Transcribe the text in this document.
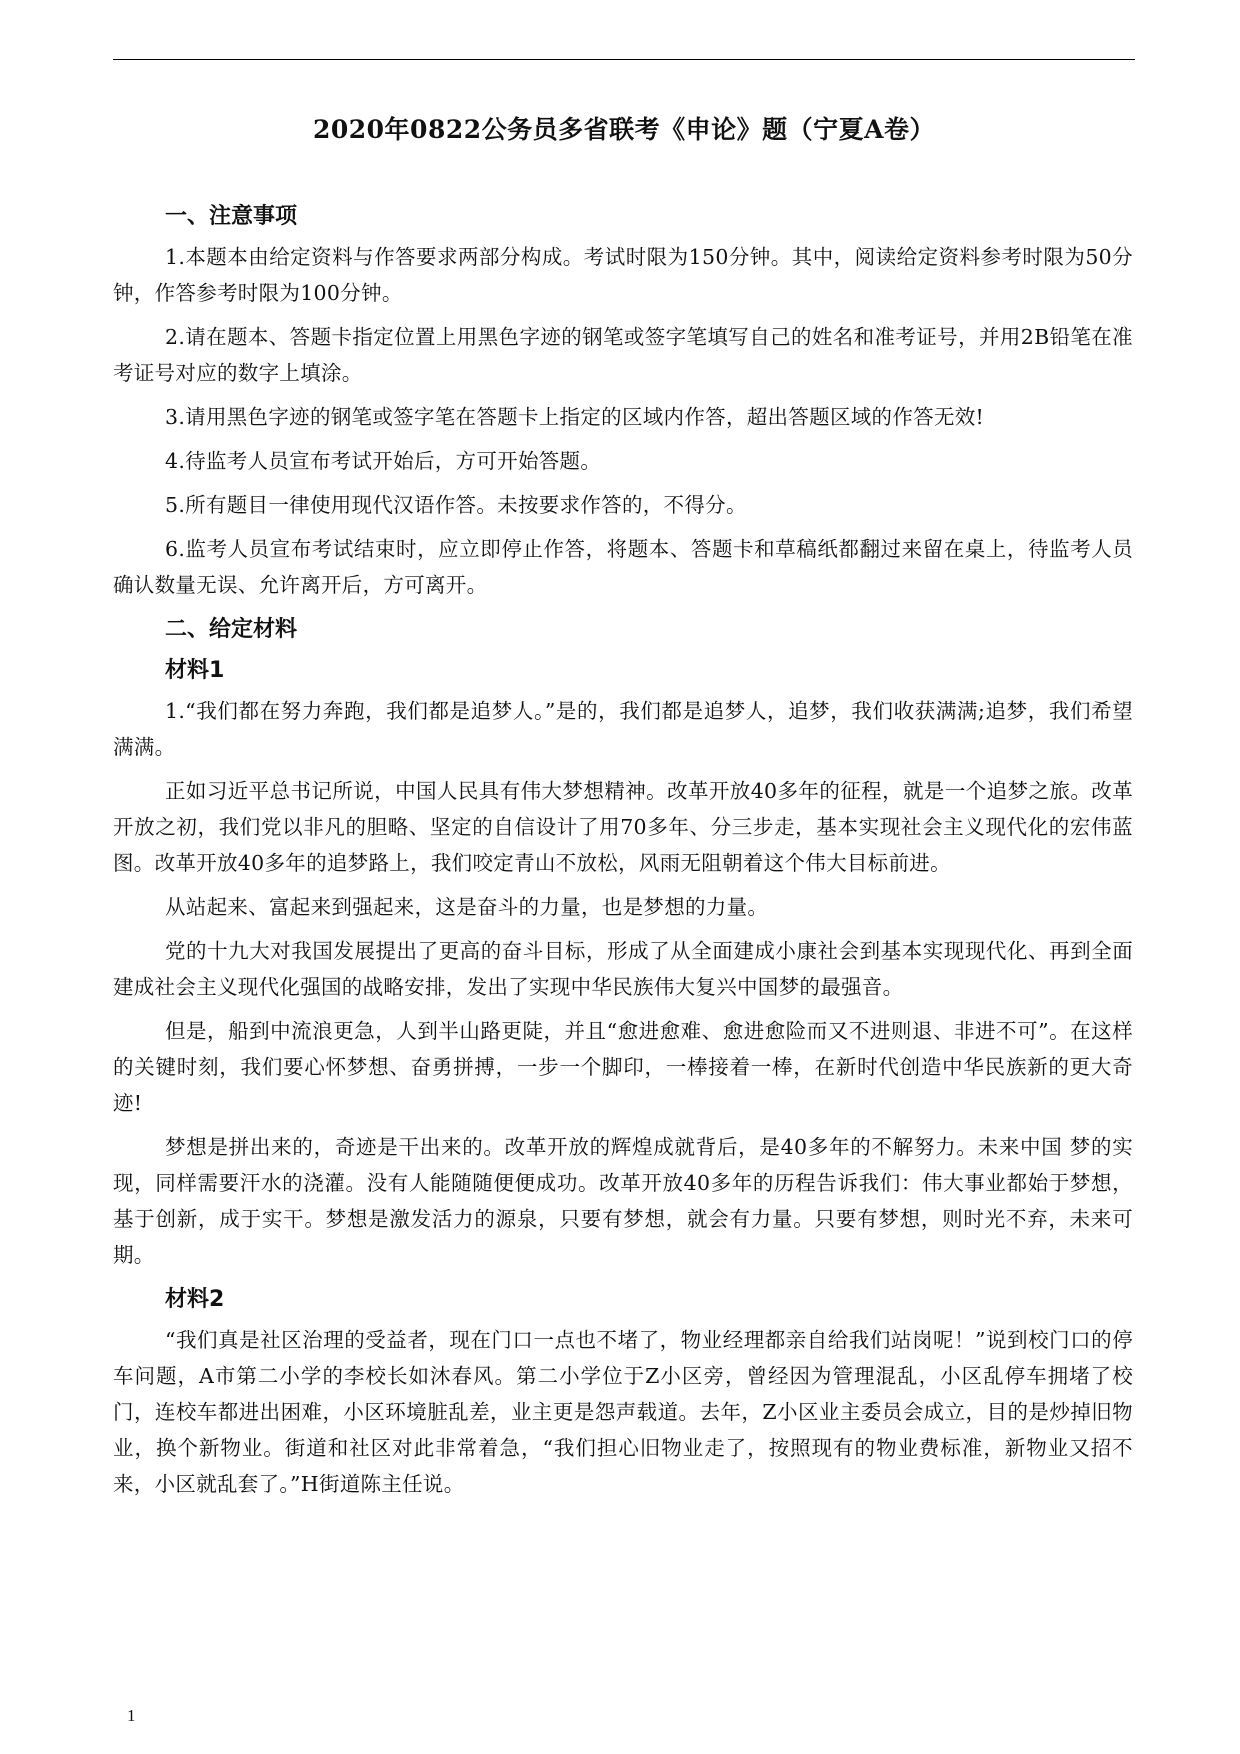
2020年0822公务员多省联考《申论》题（宁夏A卷）
一、注意事项

1.本题本由给定资料与作答要求两部分构成。考试时限为150分钟。其中，阅读给定资料参考时限为50分钟，作答参考时限为100分钟。

2.请在题本、答题卡指定位置上用黑色字迹的钢笔或签字笔填写自己的姓名和准考证号，并用2B铅笔在准考证号对应的数字上填涂。

3.请用黑色字迹的钢笔或签字笔在答题卡上指定的区域内作答，超出答题区域的作答无效!

4.待监考人员宣布考试开始后，方可开始答题。

5.所有题目一律使用现代汉语作答。未按要求作答的，不得分。

6.监考人员宣布考试结束时，应立即停止作答，将题本、答题卡和草稿纸都翻过来留在桌上，待监考人员确认数量无误、允许离开后，方可离开。

二、给定材料
材料1

1.“我们都在努力奔跑，我们都是追梦人。”是的，我们都是追梦人，追梦，我们收获满满;追梦，我们希望满满。

正如习近平总书记所说，中国人民具有伟大梦想精神。改革开放40多年的征程，就是一个追梦之旅。改革开放之初，我们党以非凡的胆略、坚定的自信设计了用70多年、分三步走，基本实现社会主义现代化的宏伟蓝图。改革开放40多年的追梦路上，我们咬定青山不放松，风雨无阻朝着这个伟大目标前进。

从站起来、富起来到强起来，这是奋斗的力量，也是梦想的力量。

党的十九大对我国发展提出了更高的奋斗目标，形成了从全面建成小康社会到基本实现现代化、再到全面建成社会主义现代化强国的战略安排，发出了实现中华民族伟大复兴中国梦的最强音。

但是，船到中流浪更急，人到半山路更陡，并且“愈进愈难、愈进愈险而又不进则退、非进不可”。在这样的关键时刻，我们要心怀梦想、奋勇拼搏，一步一个脚印，一棒接着一棒，在新时代创造中华民族新的更大奇迹!

梦想是拼出来的，奇迹是干出来的。改革开放的辉煌成就背后，是40多年的不解努力。未来中国 梦的实现，同样需要汗水的浇灌。没有人能随随便便成功。改革开放40多年的历程告诉我们：伟大事业都始于梦想，基于创新，成于实干。梦想是激发活力的源泉，只要有梦想，就会有力量。只要有梦想，则时光不弃，未来可期。

材料2

“我们真是社区治理的受益者，现在门口一点也不堵了，物业经理都亲自给我们站岗呢！”说到校门口的停车问题，A市第二小学的李校长如沐春风。第二小学位于Z小区旁，曾经因为管理混乱，小区乱停车拥堵了校门，连校车都进出困难，小区环境脏乱差，业主更是怨声载道。去年，Z小区业主委员会成立，目的是炒掉旧物业，换个新物业。街道和社区对此非常着急，“我们担心旧物业走了，按照现有的物业费标准，新物业又招不来，小区就乱套了。”H街道陈主任说。

1
